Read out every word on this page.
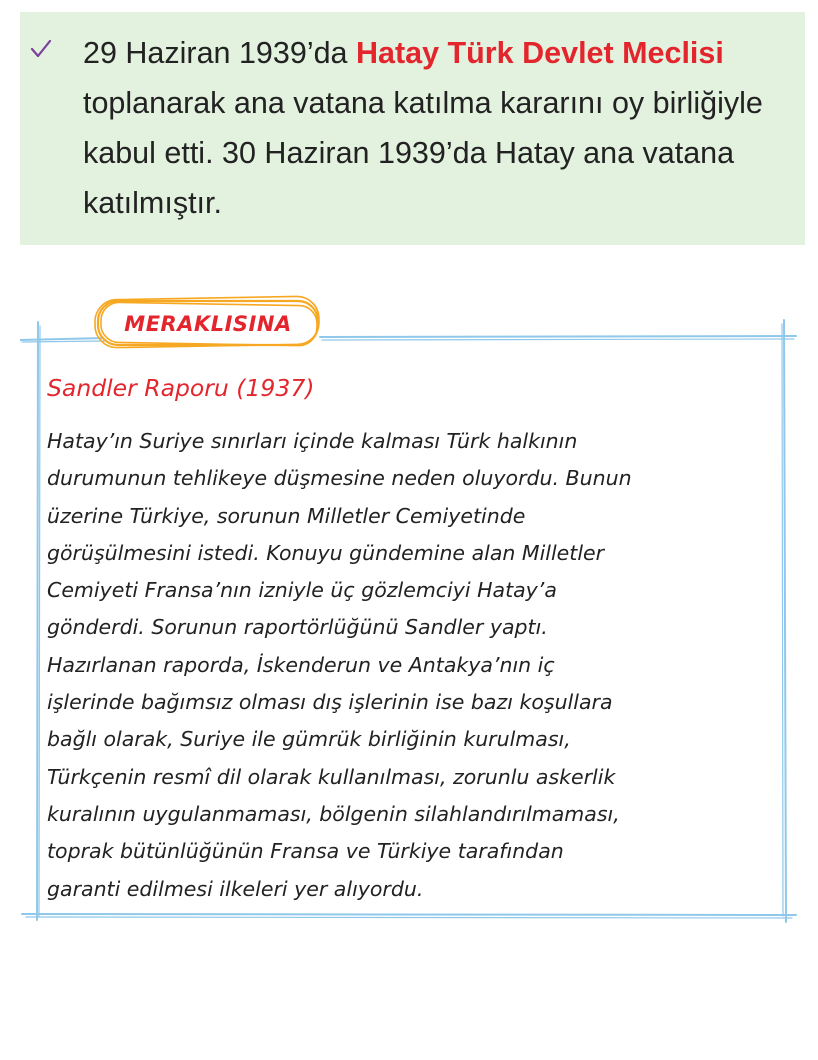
29 Haziran 1939’da Hatay Türk Devlet Meclisi toplanarak ana vatana katılma kararını oy birliğiyle kabul etti. 30 Haziran 1939’da Hatay ana vatana katılmıştır.
MERAKLISINA
Sandler Raporu (1937)
Hatay’ın Suriye sınırları içinde kalması Türk halkının
durumunun tehlikeye düşmesine neden oluyordu. Bunun
üzerine Türkiye, sorunun Milletler Cemiyetinde
görüşülmesini istedi. Konuyu gündemine alan Milletler
Cemiyeti Fransa’nın izniyle üç gözlemciyi Hatay’a
gönderdi. Sorunun raportörlüğünü Sandler yaptı.
Hazırlanan raporda, İskenderun ve Antakya’nın iç
işlerinde bağımsız olması dış işlerinin ise bazı koşullara
bağlı olarak, Suriye ile gümrük birliğinin kurulması,
Türkçenin resmî dil olarak kullanılması, zorunlu askerlik
kuralının uygulanmaması, bölgenin silahlandırılmaması,
toprak bütünlüğünün Fransa ve Türkiye tarafından
garanti edilmesi ilkeleri yer alıyordu.
